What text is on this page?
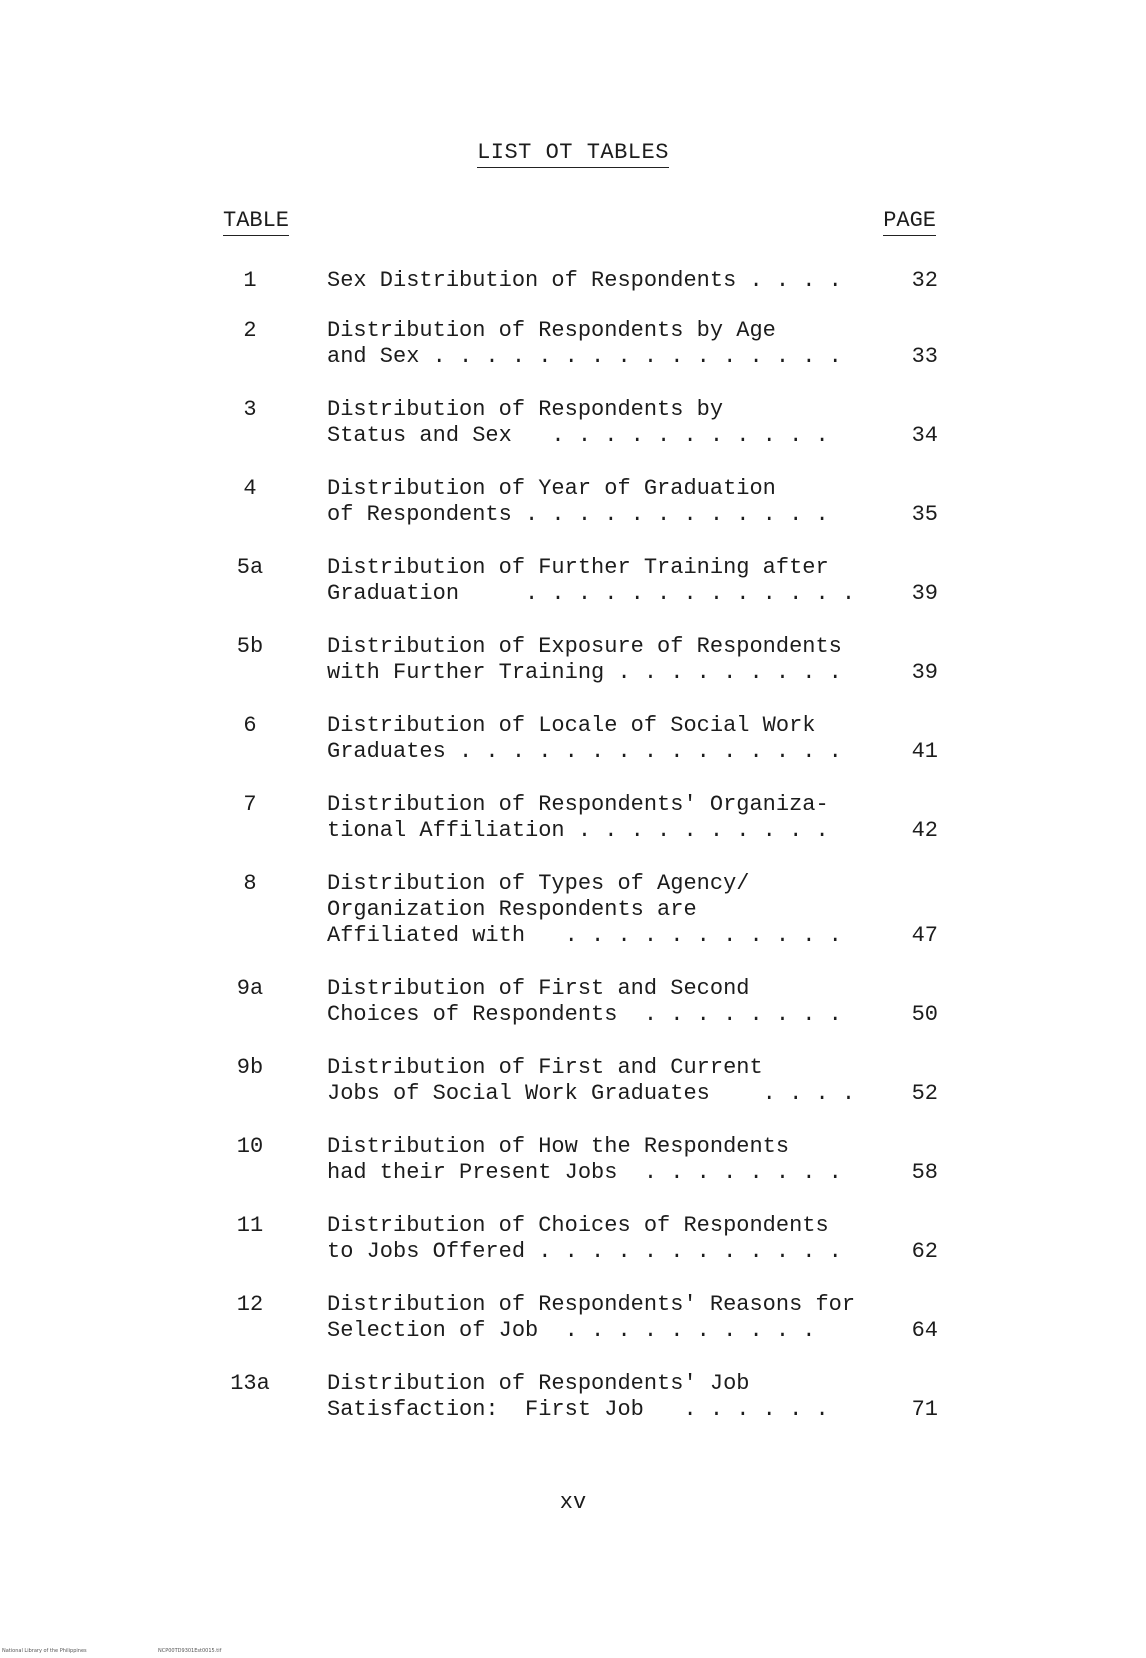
LIST OT TABLES
TABLE	PAGE
1	Sex Distribution of Respondents . . . .	32
2	Distribution of Respondents by Age
and Sex . . . . . . . . . . . . . . . .	33
3	Distribution of Respondents by
Status and Sex   . . . . . . . . . . .	34
4	Distribution of Year of Graduation
of Respondents . . . . . . . . . . . .	35
5a	Distribution of Further Training after
Graduation     . . . . . . . . . . . . .	39
5b	Distribution of Exposure of Respondents
with Further Training . . . . . . . . .	39
6	Distribution of Locale of Social Work
Graduates . . . . . . . . . . . . . . .	41
7	Distribution of Respondents' Organiza-
tional Affiliation . . . . . . . . . .	42
8	Distribution of Types of Agency/
Organization Respondents are
Affiliated with   . . . . . . . . . . .	47
9a	Distribution of First and Second
Choices of Respondents  . . . . . . . .	50
9b	Distribution of First and Current
Jobs of Social Work Graduates    . . . .	52
10	Distribution of How the Respondents
had their Present Jobs  . . . . . . . .	58
11	Distribution of Choices of Respondents
to Jobs Offered . . . . . . . . . . . .	62
12	Distribution of Respondents' Reasons for
Selection of Job  . . . . . . . . . .	64
13a	Distribution of Respondents' Job
Satisfaction:  First Job   . . . . . .	71
xv
National Library of the Philippines	NCP00TD9301Est0015.tif
